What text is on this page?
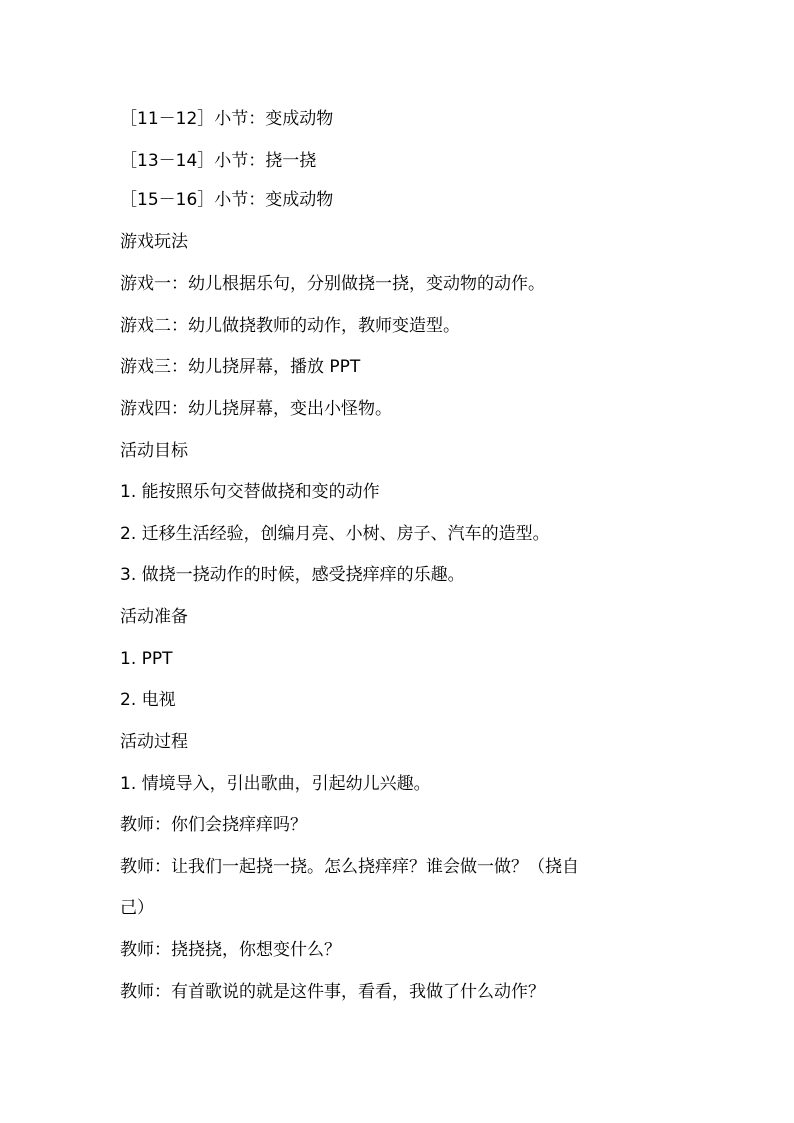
［11－12］小节：变成动物
［13－14］小节：挠一挠
［15－16］小节：变成动物
游戏玩法
游戏一：幼儿根据乐句，分别做挠一挠，变动物的动作。
游戏二：幼儿做挠教师的动作，教师变造型。
游戏三：幼儿挠屏幕，播放 PPT
游戏四：幼儿挠屏幕，变出小怪物。
活动目标
1. 能按照乐句交替做挠和变的动作
2. 迁移生活经验，创编月亮、小树、房子、汽车的造型。
3. 做挠一挠动作的时候，感受挠痒痒的乐趣。
活动准备
1. PPT
2. 电视
活动过程
1. 情境导入，引出歌曲，引起幼儿兴趣。
教师：你们会挠痒痒吗？
教师：让我们一起挠一挠。怎么挠痒痒？谁会做一做？（挠自
己）
教师：挠挠挠，你想变什么？
教师：有首歌说的就是这件事，看看，我做了什么动作？
